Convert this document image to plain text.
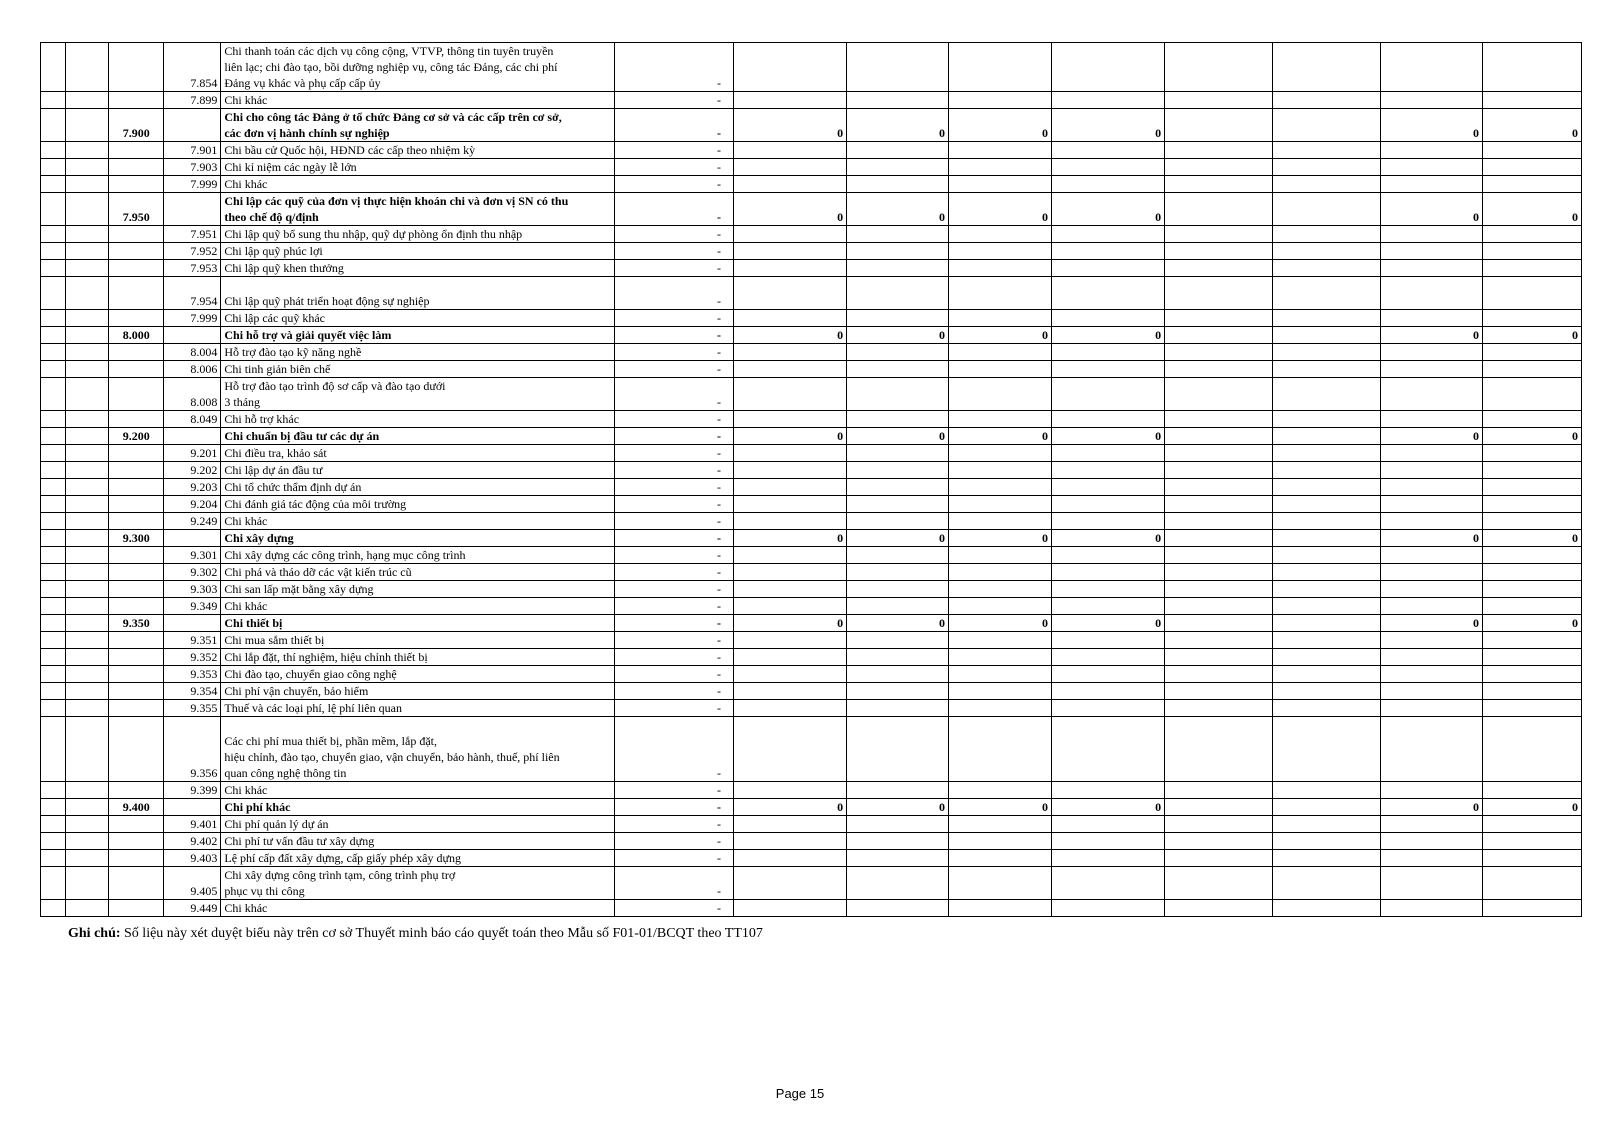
			7.854	Chi thanh toán các dịch vụ công cộng, VTVP, thông tin tuyên truyền
liên lạc; chi đào tạo, bồi dưỡng nghiệp vụ, công tác Đảng, các chi phí
Đảng vụ khác và phụ cấp cấp ủy	-								
			7.899	Chi khác	-								
		7.900		Chi cho công tác Đảng ở tổ chức Đảng cơ sở và các cấp trên cơ sở,
các đơn vị hành chính sự nghiệp	-	0	0	0	0			0	0
			7.901	Chi bầu cử Quốc hội, HĐND các cấp theo nhiệm kỳ	-								
			7.903	Chi kỉ niệm các ngày lễ lớn	-								
			7.999	Chi khác	-								
		7.950		Chi lập các quỹ của đơn vị thực hiện khoán chi và đơn vị SN có thu
theo chế độ q/định	-	0	0	0	0			0	0
			7.951	Chi lập quỹ bổ sung thu nhập, quỹ dự phòng ổn định thu nhập	-								
			7.952	Chi lập quỹ phúc lợi	-								
			7.953	Chi lập quỹ khen thưởng	-								
			7.954	Chi lập quỹ phát triển hoạt động sự nghiệp	-								
			7.999	Chi lập các quỹ khác	-								
		8.000		Chi hỗ trợ và giải quyết việc làm	-	0	0	0	0			0	0
			8.004	Hỗ trợ đào tạo kỹ năng nghề	-								
			8.006	Chi tinh giản biên chế	-								
			8.008	Hỗ trợ đào tạo trình độ sơ cấp và đào tạo dưới
3 tháng	-								
			8.049	Chi hỗ trợ khác	-								
		9.200		Chi chuẩn bị đầu tư các dự án	-	0	0	0	0			0	0
			9.201	Chi điều tra, khảo sát	-								
			9.202	Chi lập dự án đầu tư	-								
			9.203	Chi tổ chức thẩm định dự án	-								
			9.204	Chi đánh giá tác động của môi trường	-								
			9.249	Chi khác	-								
		9.300		Chi xây dựng	-	0	0	0	0			0	0
			9.301	Chi xây dựng các công trình, hạng mục công trình	-								
			9.302	Chi phá và tháo dỡ các vật kiến trúc cũ	-								
			9.303	Chi san lấp mặt bằng xây dựng	-								
			9.349	Chi khác	-								
		9.350		Chi thiết bị	-	0	0	0	0			0	0
			9.351	Chi mua sắm thiết bị	-								
			9.352	Chi lắp đặt, thí nghiệm, hiệu chỉnh thiết bị	-								
			9.353	Chi đào tạo, chuyển giao công nghệ	-								
			9.354	Chi phí vận chuyển, bảo hiểm	-								
			9.355	Thuế và các loại phí, lệ phí liên quan	-								
			9.356	Các chi phí mua thiết bị, phần mềm, lắp đặt,
hiệu chỉnh, đào tạo, chuyển giao, vận chuyển, bảo hành, thuế, phí liên
quan công nghệ thông tin	-								
			9.399	Chi khác	-								
		9.400		Chi phí khác	-	0	0	0	0			0	0
			9.401	Chi phí quản lý dự án	-								
			9.402	Chi phí tư vấn đầu tư xây dựng	-								
			9.403	Lệ phí cấp đất xây dựng, cấp giấy phép xây dựng	-								
			9.405	Chi xây dựng công trình tạm, công trình phụ trợ
phục vụ thi công	-								
			9.449	Chi khác	-								
Ghi chú: Số liệu này xét duyệt biểu này trên cơ sở Thuyết minh báo cáo quyết toán theo Mẫu số F01-01/BCQT theo TT107
Page 15
